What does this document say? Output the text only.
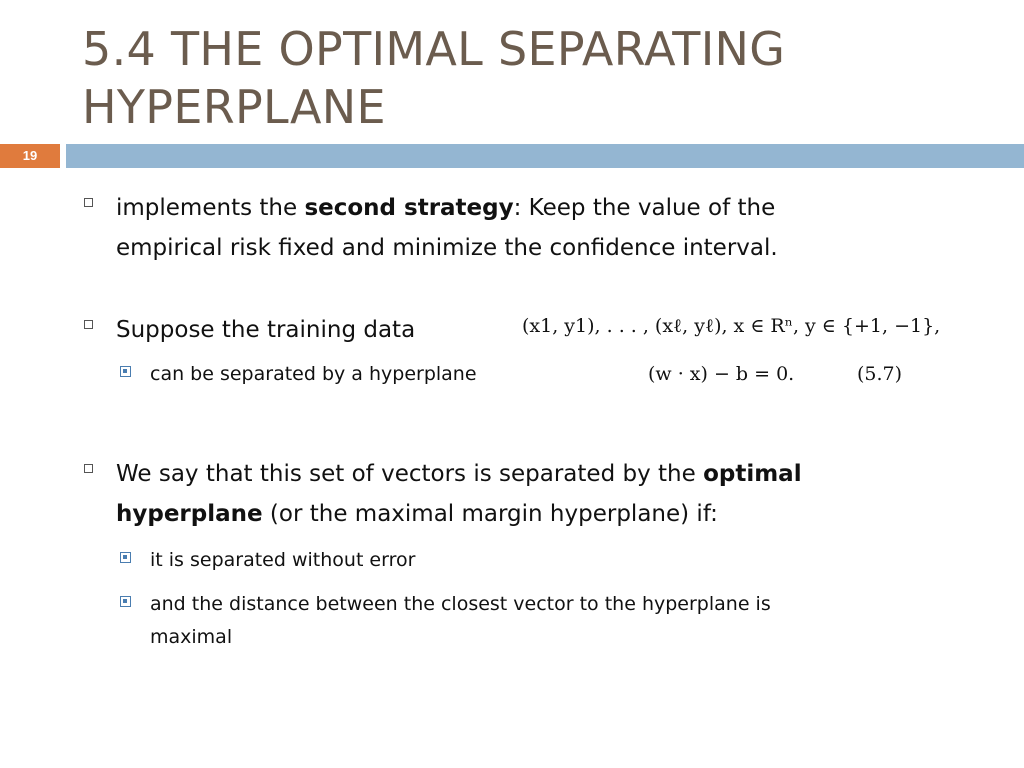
5.4 THE OPTIMAL SEPARATING
HYPERPLANE
19
implements the second strategy: Keep the value of the
empirical risk fixed and minimize the confidence interval.
Suppose the training data	(x1, y1), . . . , (xℓ, yℓ), x ∈ Rⁿ, y ∈ {+1, −1},
can be separated by a hyperplane	(w · x) − b = 0.	(5.7)
We say that this set of vectors is separated by the optimal
hyperplane (or the maximal margin hyperplane) if:
it is separated without error
and the distance between the closest vector to the hyperplane is
maximal
